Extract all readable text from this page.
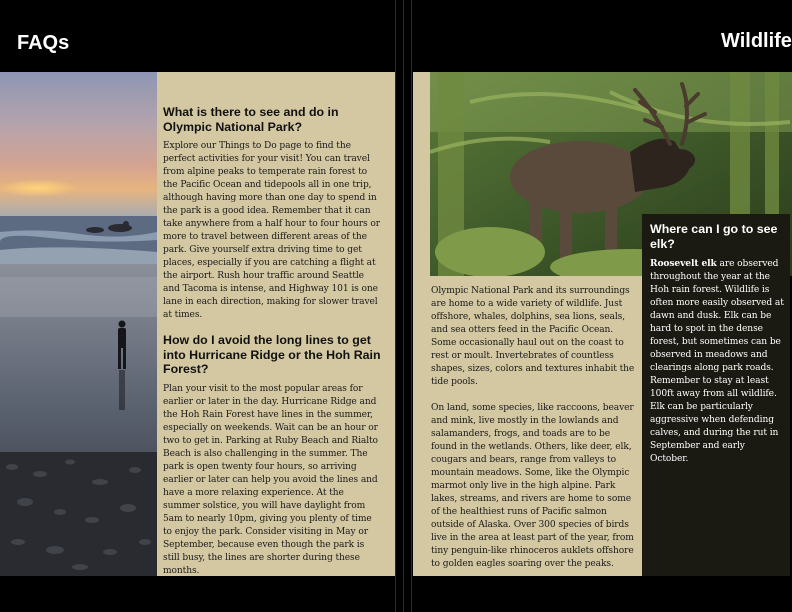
FAQs	Wildlife

What is there to see and do in Olympic National Park?

Explore our Things to Do page to find the perfect activities for your visit! You can travel from alpine peaks to temperate rain forest to the Pacific Ocean and tidepools all in one trip, although having more than one day to spend in the park is a good idea. Remember that it can take anywhere from a half hour to four hours or more to travel between different areas of the park. Give yourself extra driving time to get places, especially if you are catching a flight at the airport. Rush hour traffic around Seattle and Tacoma is intense, and Highway 101 is one lane in each direction, making for slower travel at times.

How do I avoid the long lines to get into Hurricane Ridge or the Hoh Rain Forest?

Plan your visit to the most popular areas for earlier or later in the day. Hurricane Ridge and the Hoh Rain Forest have lines in the summer, especially on weekends. Wait can be an hour or two to get in. Parking at Ruby Beach and Rialto Beach is also challenging in the summer. The park is open twenty four hours, so arriving earlier or later can help you avoid the lines and have a more relaxing experience. At the summer solstice, you will have daylight from 5am to nearly 10pm, giving you plenty of time to enjoy the park. Consider visiting in May or September, because even though the park is still busy, the lines are shorter during these months.

Olympic National Park and its surroundings are home to a wide variety of wildlife. Just offshore, whales, dolphins, sea lions, seals, and sea otters feed in the Pacific Ocean. Some occasionally haul out on the coast to rest or moult. Invertebrates of countless shapes, sizes, colors and textures inhabit the tide pools.

On land, some species, like raccoons, beaver and mink, live mostly in the lowlands and salamanders, frogs, and toads are to be found in the wetlands. Others, like deer, elk, cougars and bears, range from valleys to mountain meadows. Some, like the Olympic marmot only live in the high alpine. Park lakes, streams, and rivers are home to some of the healthiest runs of Pacific salmon outside of Alaska. Over 300 species of birds live in the area at least part of the year, from tiny penguin-like rhinoceros auklets offshore to golden eagles soaring over the peaks.

Where can I go to see elk?

Roosevelt elk are observed throughout the year at the Hoh rain forest. Wildlife is often more easily observed at dawn and dusk. Elk can be hard to spot in the dense forest, but sometimes can be observed in meadows and clearings along park roads. Remember to stay at least 100ft away from all wildlife. Elk can be particularly aggressive when defending calves, and during the rut in September and early October.
